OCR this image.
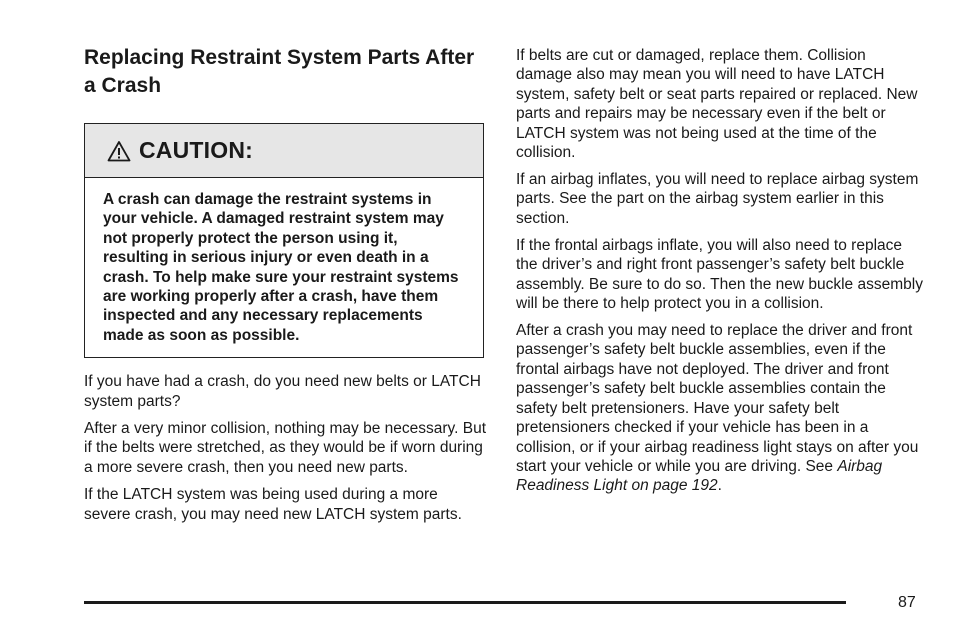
Replacing Restraint System Parts After a Crash
CAUTION:
A crash can damage the restraint systems in your vehicle. A damaged restraint system may not properly protect the person using it, resulting in serious injury or even death in a crash. To help make sure your restraint systems are working properly after a crash, have them inspected and any necessary replacements made as soon as possible.

If you have had a crash, do you need new belts or LATCH system parts?

After a very minor collision, nothing may be necessary. But if the belts were stretched, as they would be if worn during a more severe crash, then you need new parts.

If the LATCH system was being used during a more severe crash, you may need new LATCH system parts.

If belts are cut or damaged, replace them. Collision damage also may mean you will need to have LATCH system, safety belt or seat parts repaired or replaced. New parts and repairs may be necessary even if the belt or LATCH system was not being used at the time of the collision.

If an airbag inflates, you will need to replace airbag system parts. See the part on the airbag system earlier in this section.

If the frontal airbags inflate, you will also need to replace the driver’s and right front passenger’s safety belt buckle assembly. Be sure to do so. Then the new buckle assembly will be there to help protect you in a collision.

After a crash you may need to replace the driver and front passenger’s safety belt buckle assemblies, even if the frontal airbags have not deployed. The driver and front passenger’s safety belt buckle assemblies contain the safety belt pretensioners. Have your safety belt pretensioners checked if your vehicle has been in a collision, or if your airbag readiness light stays on after you start your vehicle or while you are driving. See Airbag Readiness Light on page 192.

87
